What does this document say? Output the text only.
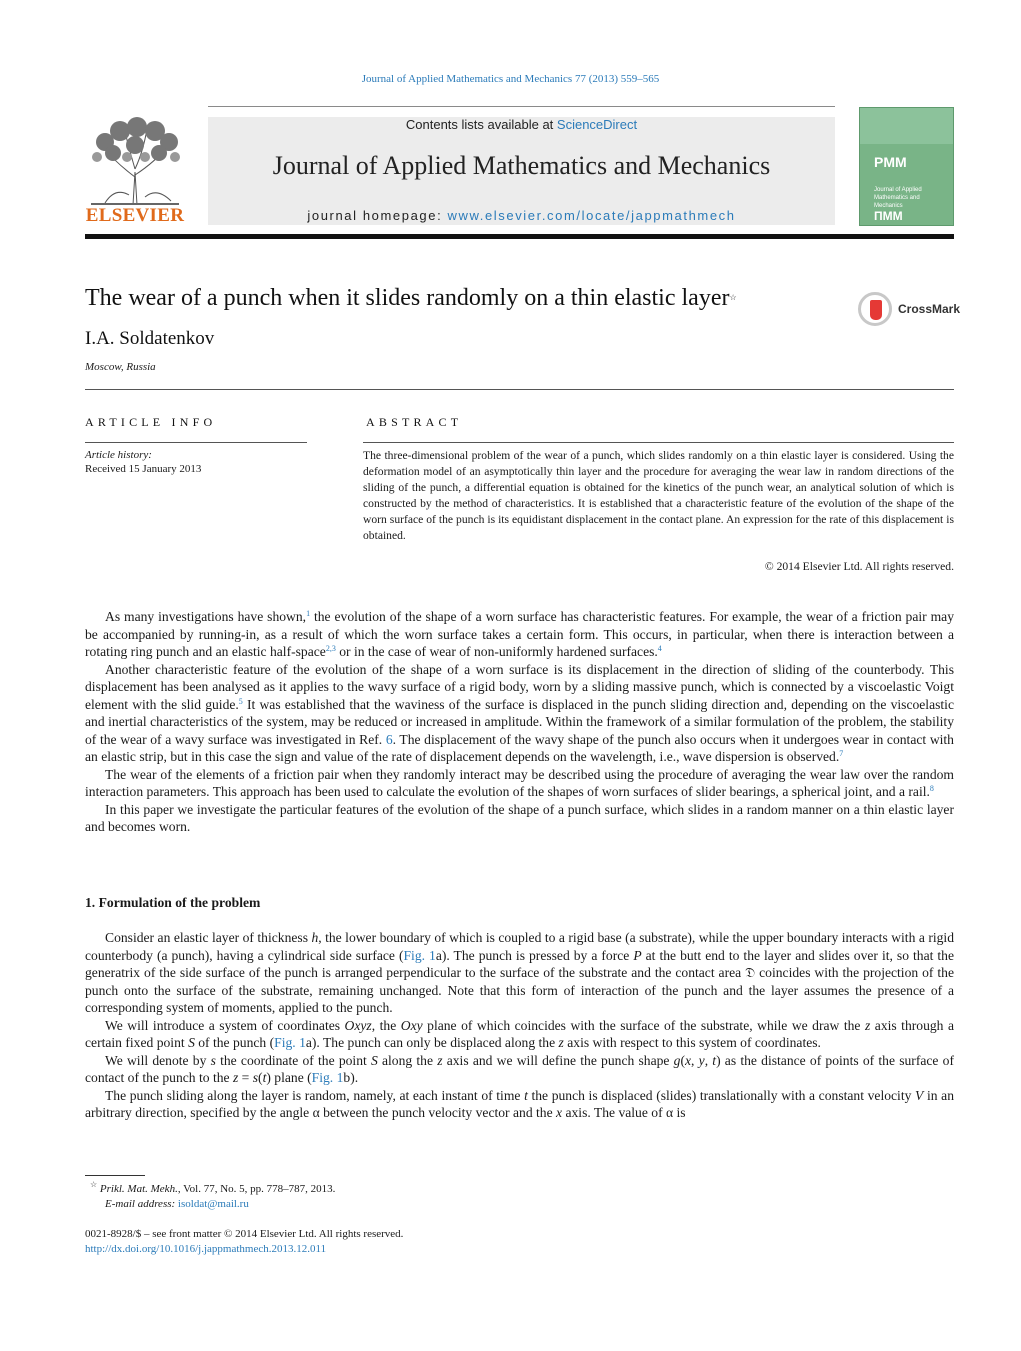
Journal of Applied Mathematics and Mechanics 77 (2013) 559–565
ELSEVIER
Contents lists available at ScienceDirect
Journal of Applied Mathematics and Mechanics
journal homepage: www.elsevier.com/locate/jappmathmech
PMM
Journal of Applied Mathematics and Mechanics
ПММ
The wear of a punch when it slides randomly on a thin elastic layer☆
CrossMark
I.A. Soldatenkov
Moscow, Russia
ARTICLE INFO	ABSTRACT
Article history:
Received 15 January 2013
The three-dimensional problem of the wear of a punch, which slides randomly on a thin elastic layer is considered. Using the deformation model of an asymptotically thin layer and the procedure for averaging the wear law in random directions of the sliding of the punch, a differential equation is obtained for the kinetics of the punch wear, an analytical solution of which is constructed by the method of characteristics. It is established that a characteristic feature of the evolution of the shape of the worn surface of the punch is its equidistant displacement in the contact plane. An expression for the rate of this displacement is obtained.
© 2014 Elsevier Ltd. All rights reserved.

As many investigations have shown,$^1$ the evolution of the shape of a worn surface has characteristic features. For example, the wear of a friction pair may be accompanied by running-in, as a result of which the worn surface takes a certain form. This occurs, in particular, when there is interaction between a rotating ring punch and an elastic half-space$^{2,3}$ or in the case of wear of non-uniformly hardened surfaces.$^4$

Another characteristic feature of the evolution of the shape of a worn surface is its displacement in the direction of sliding of the counterbody. This displacement has been analysed as it applies to the wavy surface of a rigid body, worn by a sliding massive punch, which is connected by a viscoelastic Voigt element with the slid guide.$^5$ It was established that the waviness of the surface is displaced in the punch sliding direction and, depending on the viscoelastic and inertial characteristics of the system, may be reduced or increased in amplitude. Within the framework of a similar formulation of the problem, the stability of the wear of a wavy surface was investigated in Ref. 6. The displacement of the wavy shape of the punch also occurs when it undergoes wear in contact with an elastic strip, but in this case the sign and value of the rate of displacement depends on the wavelength, i.e., wave dispersion is observed.$^7$

The wear of the elements of a friction pair when they randomly interact may be described using the procedure of averaging the wear law over the random interaction parameters. This approach has been used to calculate the evolution of the shapes of worn surfaces of slider bearings, a spherical joint, and a rail.$^8$

In this paper we investigate the particular features of the evolution of the shape of a punch surface, which slides in a random manner on a thin elastic layer and becomes worn.

1. Formulation of the problem

Consider an elastic layer of thickness h, the lower boundary of which is coupled to a rigid base (a substrate), while the upper boundary interacts with a rigid counterbody (a punch), having a cylindrical side surface (Fig. 1a). The punch is pressed by a force P at the butt end to the layer and slides over it, so that the generatrix of the side surface of the punch is arranged perpendicular to the surface of the substrate and the contact area 𝔇 coincides with the projection of the punch onto the surface of the substrate, remaining unchanged. Note that this form of interaction of the punch and the layer assumes the presence of a corresponding system of moments, applied to the punch.

We will introduce a system of coordinates Oxyz, the Oxy plane of which coincides with the surface of the substrate, while we draw the z axis through a certain fixed point S of the punch (Fig. 1a). The punch can only be displaced along the z axis with respect to this system of coordinates.

We will denote by s the coordinate of the point S along the z axis and we will define the punch shape g(x, y, t) as the distance of points of the surface of contact of the punch to the z = s(t) plane (Fig. 1b).

The punch sliding along the layer is random, namely, at each instant of time t the punch is displaced (slides) translationally with a constant velocity V in an arbitrary direction, specified by the angle α between the punch velocity vector and the x axis. The value of α is

☆ Prikl. Mat. Mekh., Vol. 77, No. 5, pp. 778–787, 2013.
E-mail address: isoldat@mail.ru
0021-8928/$ – see front matter © 2014 Elsevier Ltd. All rights reserved.
http://dx.doi.org/10.1016/j.jappmathmech.2013.12.011
